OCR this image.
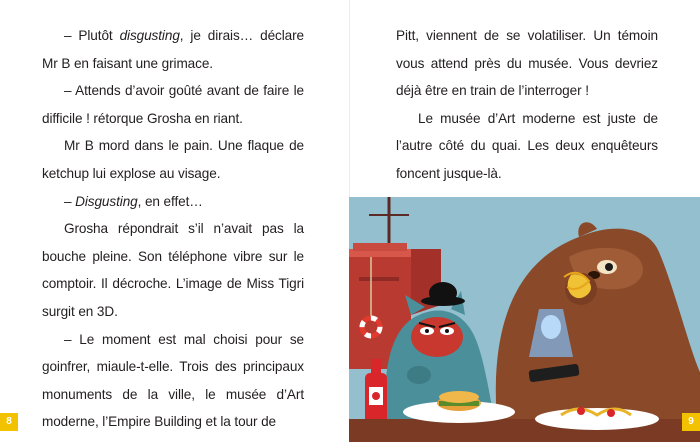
– Plutôt disgusting, je dirais… déclare Mr B en faisant une grimace.

– Attends d’avoir goûté avant de faire le difficile ! rétorque Grosha en riant.

Mr B mord dans le pain. Une flaque de ketchup lui explose au visage.

– Disgusting, en effet…

Grosha répondrait s’il n’avait pas la bouche pleine. Son téléphone vibre sur le comptoir. Il décroche. L’image de Miss Tigri surgit en 3D.

– Le moment est mal choisi pour se goinfrer, miaule-t-elle. Trois des principaux monuments de la ville, le musée d’Art moderne, l’Empire Building et la tour de

8

Pitt, viennent de se volatiliser. Un témoin vous attend près du musée. Vous devriez déjà être en train de l’interroger !

Le musée d’Art moderne est juste de l’autre côté du quai. Les deux enquêteurs foncent jusque-là.

9
